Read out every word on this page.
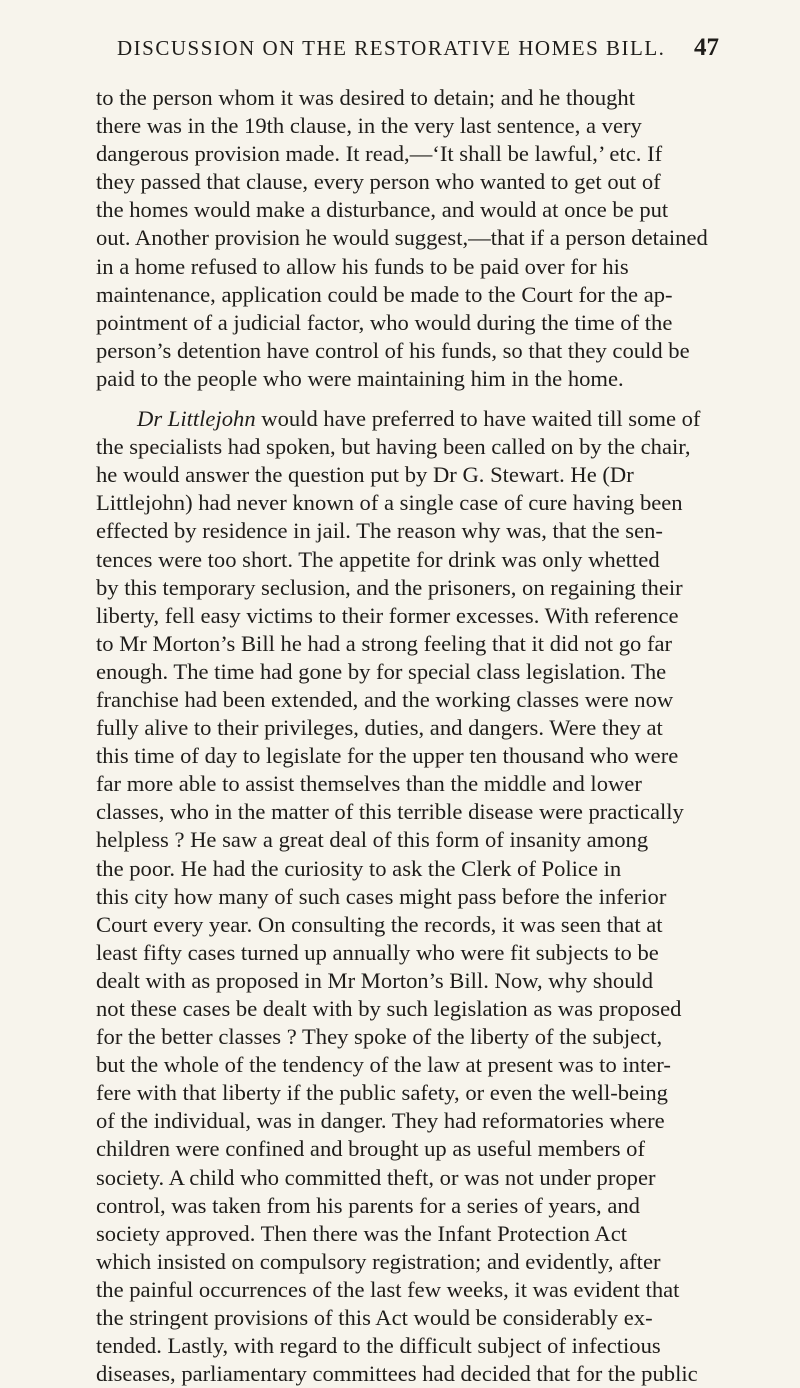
DISCUSSION ON THE RESTORATIVE HOMES BILL. 47
to the person whom it was desired to detain; and he thought
there was in the 19th clause, in the very last sentence, a very
dangerous provision made. It read,—‘It shall be lawful,’ etc. If
they passed that clause, every person who wanted to get out of
the homes would make a disturbance, and would at once be put
out. Another provision he would suggest,—that if a person detained
in a home refused to allow his funds to be paid over for his
maintenance, application could be made to the Court for the ap-
pointment of a judicial factor, who would during the time of the
person’s detention have control of his funds, so that they could be
paid to the people who were maintaining him in the home.
Dr Littlejohn would have preferred to have waited till some of
the specialists had spoken, but having been called on by the chair,
he would answer the question put by Dr G. Stewart. He (Dr
Littlejohn) had never known of a single case of cure having been
effected by residence in jail. The reason why was, that the sen-
tences were too short. The appetite for drink was only whetted
by this temporary seclusion, and the prisoners, on regaining their
liberty, fell easy victims to their former excesses. With reference
to Mr Morton’s Bill he had a strong feeling that it did not go far
enough. The time had gone by for special class legislation. The
franchise had been extended, and the working classes were now
fully alive to their privileges, duties, and dangers. Were they at
this time of day to legislate for the upper ten thousand who were
far more able to assist themselves than the middle and lower
classes, who in the matter of this terrible disease were practically
helpless ? He saw a great deal of this form of insanity among
the poor. He had the curiosity to ask the Clerk of Police in
this city how many of such cases might pass before the inferior
Court every year. On consulting the records, it was seen that at
least fifty cases turned up annually who were fit subjects to be
dealt with as proposed in Mr Morton’s Bill. Now, why should
not these cases be dealt with by such legislation as was proposed
for the better classes ? They spoke of the liberty of the subject,
but the whole of the tendency of the law at present was to inter-
fere with that liberty if the public safety, or even the well-being
of the individual, was in danger. They had reformatories where
children were confined and brought up as useful members of
society. A child who committed theft, or was not under proper
control, was taken from his parents for a series of years, and
society approved. Then there was the Infant Protection Act
which insisted on compulsory registration; and evidently, after
the painful occurrences of the last few weeks, it was evident that
the stringent provisions of this Act would be considerably ex-
tended. Lastly, with regard to the difficult subject of infectious
diseases, parliamentary committees had decided that for the public
